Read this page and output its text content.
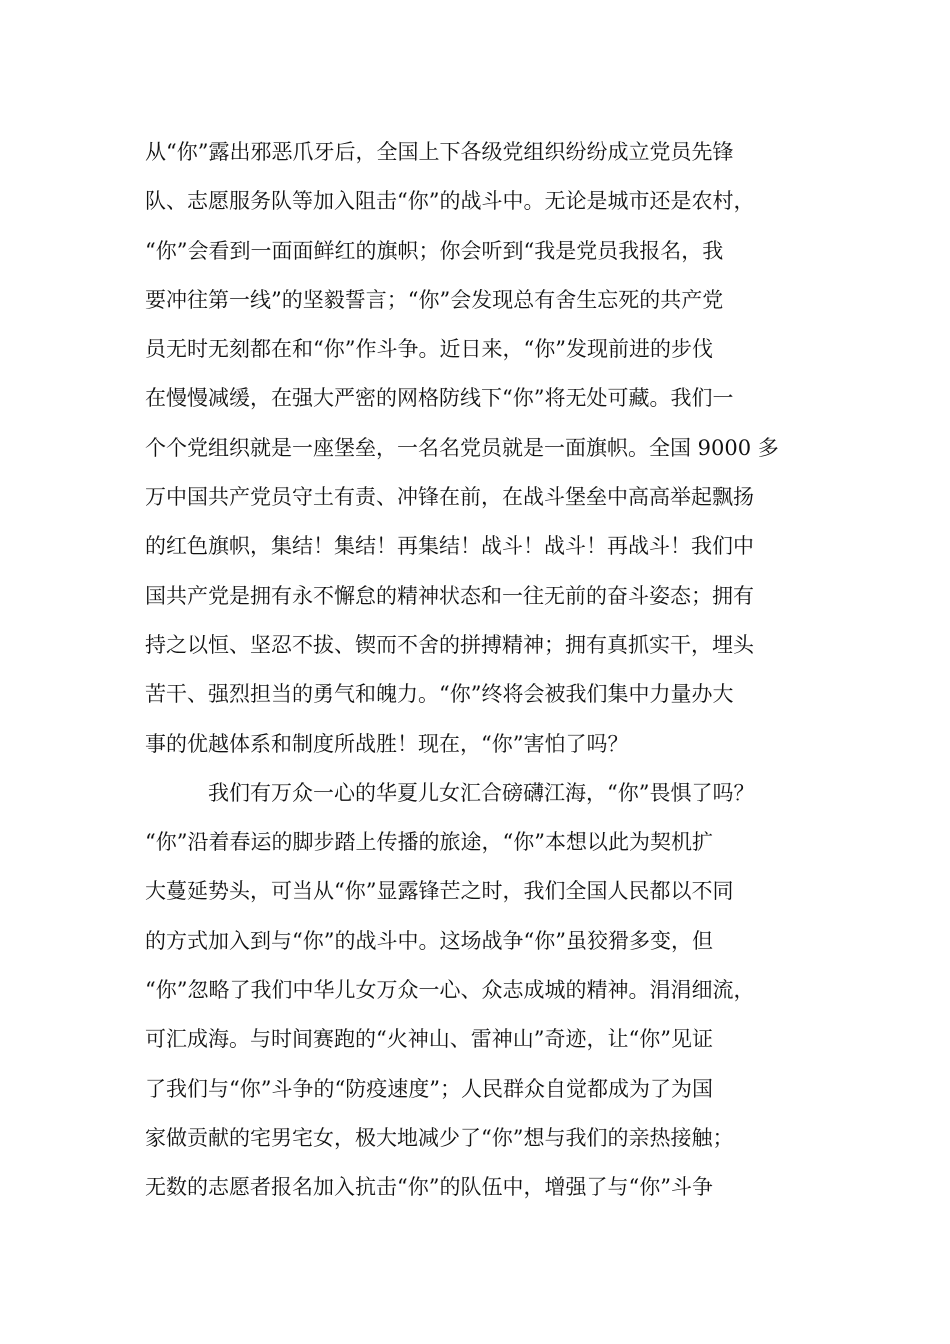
从“你”露出邪恶爪牙后，全国上下各级党组织纷纷成立党员先锋
队、志愿服务队等加入阻击“你”的战斗中。无论是城市还是农村，
“你”会看到一面面鲜红的旗帜；你会听到“我是党员我报名，我
要冲往第一线”的坚毅誓言；“你”会发现总有舍生忘死的共产党
员无时无刻都在和“你”作斗争。近日来，“你”发现前进的步伐
在慢慢减缓，在强大严密的网格防线下“你”将无处可藏。我们一
个个党组织就是一座堡垒，一名名党员就是一面旗帜。全国 9000 多
万中国共产党员守土有责、冲锋在前，在战斗堡垒中高高举起飘扬
的红色旗帜，集结！集结！再集结！战斗！战斗！再战斗！我们中
国共产党是拥有永不懈怠的精神状态和一往无前的奋斗姿态；拥有
持之以恒、坚忍不拔、锲而不舍的拼搏精神；拥有真抓实干，埋头
苦干、强烈担当的勇气和魄力。“你”终将会被我们集中力量办大
事的优越体系和制度所战胜！现在，“你”害怕了吗？
我们有万众一心的华夏儿女汇合磅礴江海，“你”畏惧了吗？
“你”沿着春运的脚步踏上传播的旅途，“你”本想以此为契机扩
大蔓延势头，可当从“你”显露锋芒之时，我们全国人民都以不同
的方式加入到与“你”的战斗中。这场战争“你”虽狡猾多变，但
“你”忽略了我们中华儿女万众一心、众志成城的精神。涓涓细流，
可汇成海。与时间赛跑的“火神山、雷神山”奇迹，让“你”见证
了我们与“你”斗争的“防疫速度”；人民群众自觉都成为了为国
家做贡献的宅男宅女，极大地减少了“你”想与我们的亲热接触；
无数的志愿者报名加入抗击“你”的队伍中，增强了与“你”斗争
